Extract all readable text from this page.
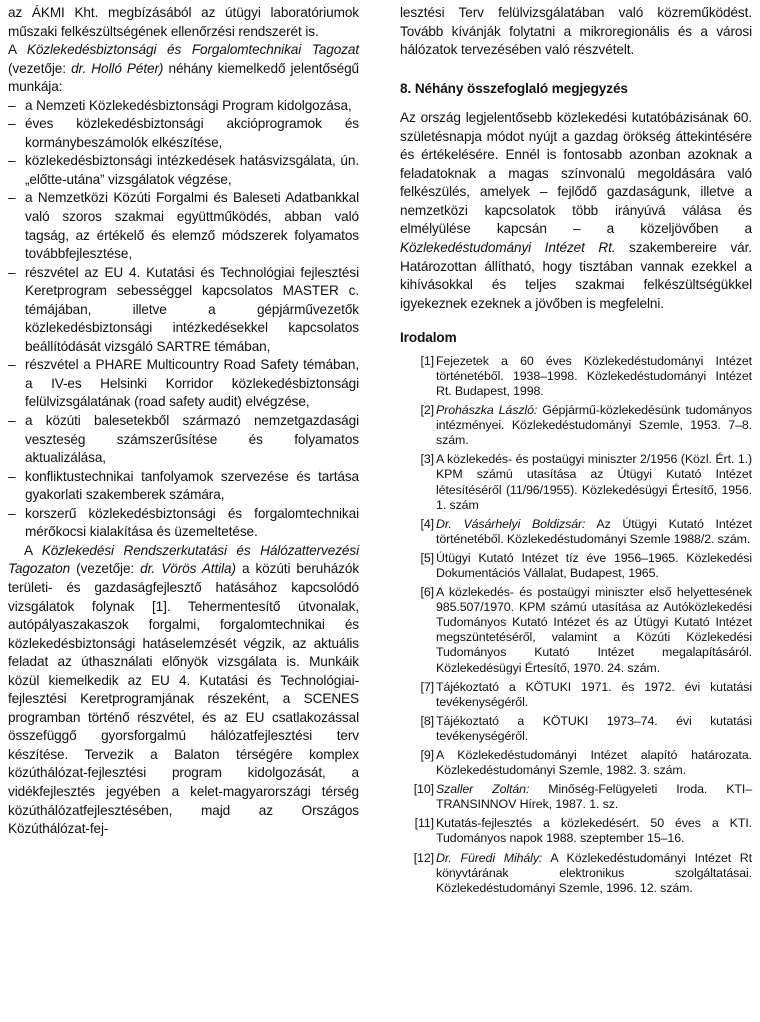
az ÁKMI Kht. megbízásából az útügyi laboratóriumok műszaki felkészültségének ellenőrzési rendszerét is.

A Közlekedésbiztonsági és Forgalomtechnikai Tagozat (vezetője: dr. Holló Péter) néhány kiemelkedő jelentőségű munkája:

– a Nemzeti Közlekedésbiztonsági Program kidolgozása,
– éves közlekedésbiztonsági akcióprogramok és kormánybeszámolók elkészítése,
– közlekedésbiztonsági intézkedések hatásvizsgálata, ún. „előtte-utána” vizsgálatok végzése,
– a Nemzetközi Közúti Forgalmi és Baleseti Adatbankkal való szoros szakmai együttműködés, abban való tagság, az értékelő és elemző módszerek folyamatos továbbfejlesztése,
– részvétel az EU 4. Kutatási és Technológiai fejlesztési Keretprogram sebességgel kapcsolatos MASTER c. témájában, illetve a gépjárművezetők közlekedésbiztonsági intézkedésekkel kapcsolatos beállítódását vizsgáló SARTRE témában,
– részvétel a PHARE Multicountry Road Safety témában, a IV-es Helsinki Korridor közlekedésbiztonsági felülvizsgálatának (road safety audit) elvégzése,
– a közúti balesetekből származó nemzetgazdasági veszteség számszerűsítése és folyamatos aktualizálása,
– konfliktustechnikai tanfolyamok szervezése és tartása gyakorlati szakemberek számára,
– korszerű közlekedésbiztonsági és forgalomtechnikai mérőkocsi kialakítása és üzemeltetése.

A Közlekedési Rendszerkutatási és Hálózattervezési Tagozaton (vezetője: dr. Vörös Attila) a közúti beruházók területi- és gazdaságfejlesztő hatásához kapcsolódó vizsgálatok folynak [1]. Tehermentesítő útvonalak, autópályaszakaszok forgalmi, forgalomtechnikai és közlekedésbiztonsági hatáselemzését végzik, az aktuális feladat az úthasználati előnyök vizsgálata is. Munkáik közül kiemelkedik az EU 4. Kutatási és Technológiai-fejlesztési Keretprogramjának részeként, a SCENES programban történő részvétel, és az EU csatlakozással összefüggő gyorsforgalmú hálózatfejlesztési terv készítése. Tervezik a Balaton térségére komplex közúthálózat-fejlesztési program kidolgozását, a vidékfejlesztés jegyében a kelet-magyarországi térség közúthálózatfejlesztésében, majd az Országos Közúthálózat-fej-

lesztési Terv felülvizsgálatában való közreműködést. Tovább kívánják folytatni a mikroregionális és a városi hálózatok tervezésében való részvételt.

8. Néhány összefoglaló megjegyzés

Az ország legjelentősebb közlekedési kutatóbázisának 60. születésnapja módot nyújt a gazdag örökség áttekintésére és értékelésére. Ennél is fontosabb azonban azoknak a feladatoknak a magas színvonalú megoldására való felkészülés, amelyek – fejlődő gazdaságunk, illetve a nemzetközi kapcsolatok több irányúvá válása és elmélyülése kapcsán – a közeljövőben a Közlekedéstudományi Intézet Rt. szakembereire vár. Határozottan állítható, hogy tisztában vannak ezekkel a kihívásokkal és teljes szakmai felkészültségükkel igyekeznek ezeknek a jövőben is megfelelni.

Irodalom
[1] Fejezetek a 60 éves Közlekedéstudományi Intézet történetéből. 1938–1998. Közlekedéstudományi Intézet Rt. Budapest, 1998.
[2] Prohászka László: Gépjármű-közlekedésünk tudományos intézményei. Közlekedéstudományi Szemle, 1953. 7–8. szám.
[3] A közlekedés- és postaügyi miniszter 2/1956 (Közl. Ért. 1.) KPM számú utasítása az Útügyi Kutató Intézet létesítéséről (11/96/1955). Közlekedésügyi Értesítő, 1956. 1. szám
[4] Dr. Vásárhelyi Boldizsár: Az Útügyi Kutató Intézet történetéből. Közlekedéstudományi Szemle 1988/2. szám.
[5] Útügyi Kutató Intézet tíz éve 1956–1965. Közlekedési Dokumentációs Vállalat, Budapest, 1965.
[6] A közlekedés- és postaügyi miniszter első helyettesének 985.507/1970. KPM számú utasítása az Autóközlekedési Tudományos Kutató Intézet és az Útügyi Kutató Intézet megszüntetéséről, valamint a Közúti Közlekedési Tudományos Kutató Intézet megalapításáról. Közlekedésügyi Értesítő, 1970. 24. szám.
[7] Tájékoztató a KÖTUKI 1971. és 1972. évi kutatási tevékenységéről.
[8] Tájékoztató a KÖTUKI 1973–74. évi kutatási tevékenységéről.
[9] A Közlekedéstudományi Intézet alapító határozata. Közlekedéstudományi Szemle, 1982. 3. szám.
[10] Szaller Zoltán: Minőség-Felügyeleti Iroda. KTI–TRANSINNOV Hírek, 1987. 1. sz.
[11] Kutatás-fejlesztés a közlekedésért. 50 éves a KTI. Tudományos napok 1988. szeptember 15–16.
[12] Dr. Füredi Mihály: A Közlekedéstudományi Intézet Rt könyvtárának elektronikus szolgáltatásai. Közlekedéstudományi Szemle, 1996. 12. szám.
